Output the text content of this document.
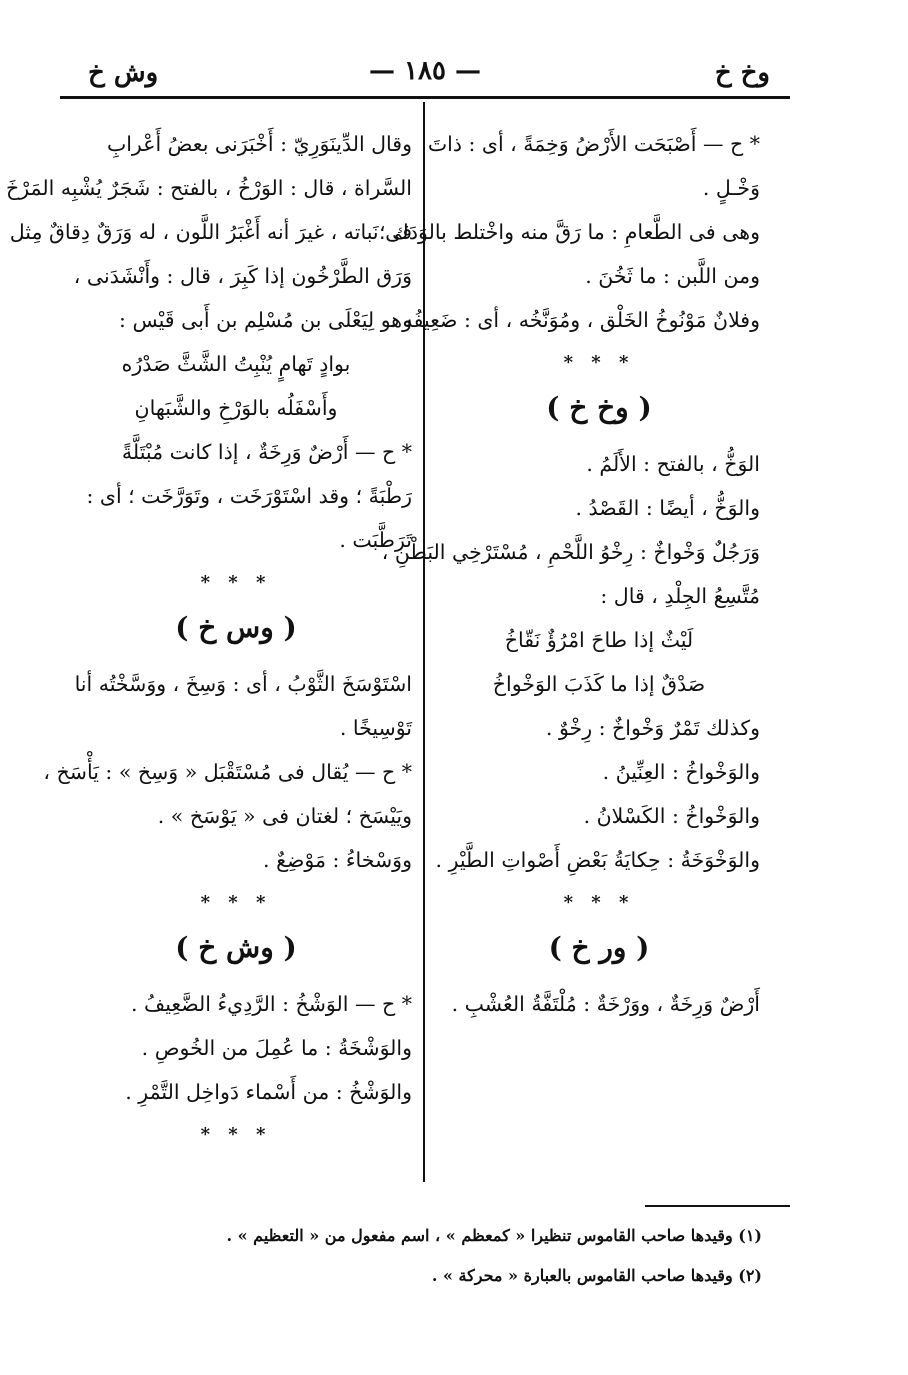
وخ خ
— ١٨٥ —
وش خ
* ح — أَصْبَحَت الأَرْضُ وَخِمَةً ، أى : ذاتَ
وَخْـلٍ .
وهى فى الطَّعامِ : ما رَقَّ منه واخْتلط بالوَدَك ؛
ومن اللَّبن : ما ثَخُنَ .
وفلانٌ مَوْنُوخُ الخَلْق ، ومُوَنَّخُه ، أى : ضَعِيفُه .
* * *
( وخ خ )
الوَخُّ ، بالفتح : الأَلَمُ .
والوَخُّ ، أيضًا : القَصْدُ .
وَرَجُلٌ وَخْواخٌ : رِخْوُ اللَّحْمِ ، مُسْتَرْخِي البَطْنِ ،
مُتَّسِعُ الجِلْدِ ، قال :
لَيْثٌ إذا طاحَ امْرُؤٌ نَقّاخُ
صَدْقٌ إذا ما كَذَبَ الوَخْواخُ
وكذلك تَمْرٌ وَخْواخٌ : رِخْوٌ .
والوَخْواخُ : العِنِّينُ .
والوَخْواخُ : الكَسْلانُ .
والوَخْوَخَةُ : حِكايَةُ بَعْضِ أَصْواتِ الطَّيْرِ .
* * *
( ور خ )
أَرْضٌ وَرِخَةٌ ، ووَرْخَةٌ : مُلْتَفَّةُ العُشْبِ .
وقال الدِّينَوَرِيّ : أَخْبَرَنى بعضُ أَعْرابِ
السَّراة ، قال : الوَرْخُ ، بالفتح : شَجَرٌ يُشْبِه المَرْخَ
فى نَباته ، غيرَ أنه أَغْبَرُ اللَّون ، له وَرَقٌ دِقاقٌ مِثل
وَرَق الطَّرْخُون إذا كَبِرَ ، قال : وأَنْشَدَنى ،
وهو لِيَعْلَى بن مُسْلِم بن أَبى قَيْس :
بوادٍ تَهامٍ يُنْبِتُ الشَّثَّ صَدْرُه
وأَسْفَلُه بالوَرْخِ والشَّبَهانِ
* ح — أَرْضٌ وَرِخَةٌ ، إذا كانت مُبْتَلَّةً
رَطْبَةً ؛ وقد اسْتَوْرَخَت ، وتَوَرَّخَت ؛ أى :
تَرَطَّبَت .
* * *
( وس خ )
اسْتَوْسَخَ الثَّوْبُ ، أى : وَسِخَ ، ووَسَّخْتُه أنا
تَوْسِيخًا .
* ح — يُقال فى مُسْتَقْبَل « وَسِخ » : يَأْسَخ ،
ويَيْسَخ ؛ لغتان فى « يَوْسَخ » .
ووَسْخاءُ : مَوْضِعٌ .
* * *
( وش خ )
* ح — الوَشْخُ : الرَّدِيءُ الضَّعِيفُ .
والوَشْخَةُ : ما عُمِلَ من الخُوصِ .
والوَشْخُ : من أَسْماء دَواخِل التَّمْرِ .
* * *
(١) وقيدها صاحب القاموس تنظيرا « كمعظم » ، اسم مفعول من « التعظيم » .
(٢) وقيدها صاحب القاموس بالعبارة « محركة » .
